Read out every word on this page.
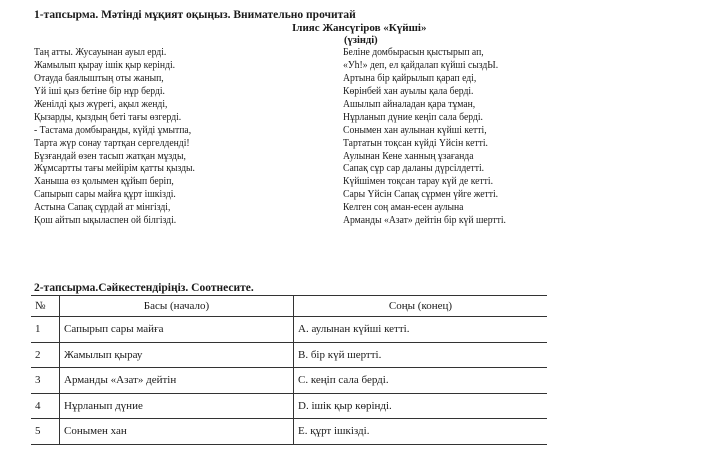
1-тапсырма. Мәтінді мұқият оқыңыз. Внимательно прочитай
Ілияс Жансүгіров «Күйші»
(үзінді)
Таң атты. Жусауынан ауыл ерді.
Жамылып қырау ішік қыр керінді.
Отауда баялыштың оты жанып,
Үй іші қыз бетіне бір нұр берді.
Женілді қыз жүрегі, ақыл женді,
Қызарды, қыздың беті тағы өзгерді.
- Тастама домбыраңды, күйді ұмытпа,
Тарта жүр сонау тартқан сергелденді!
Бұзғандай өзен тасып жатқан мұзды,
Жұмсартты тағы мейірім қатты қызды.
Ханыша өз қолымен құйып беріп,
Сапырып сары майға құрт ішкізді.
Астына Сапақ сұрдай ат мінгізді,
Қош айтып ықыласпен ой білгізді.
Беліне домбырасын қыстырып ап,
«Уһ!» деп, ел қайдалап күйші сыздЫ.
Артына бір қайрылып қарап еді,
Көрінбей хан ауылы қала берді.
Ашылып айналадан қара тұман,
Нұрланып дүние кеңіп сала берді.
Сонымен хан аулынан күйші кетті,
Тартатын тоқсан күйді Үйсін кетті.
Аулынан Кене ханның ұзағанда
Сапақ сұр сар даланы дүрсілдетті.
Күйшімен тоқсан тарау күй де кетті.
Сары Үйсін Сапақ сұрмен үйге жетті.
Келген соң аман-есен аулына
Арманды «Азат» дейтін бір күй шертті.
2-тапсырма.Сәйкестендіріңіз. Соотнесите.
№	Басы (начало)	Соңы (конец)
1	Сапырып сары майға	А. аулынан күйші кетті.
2	Жамылып қырау	В. бір күй шертті.
3	Арманды «Азат» дейтін	С. кеңіп сала берді.
4	Нұрланып дүние	D. ішік қыр көрінді.
5	Сонымен хан	Е. құрт ішкізді.
